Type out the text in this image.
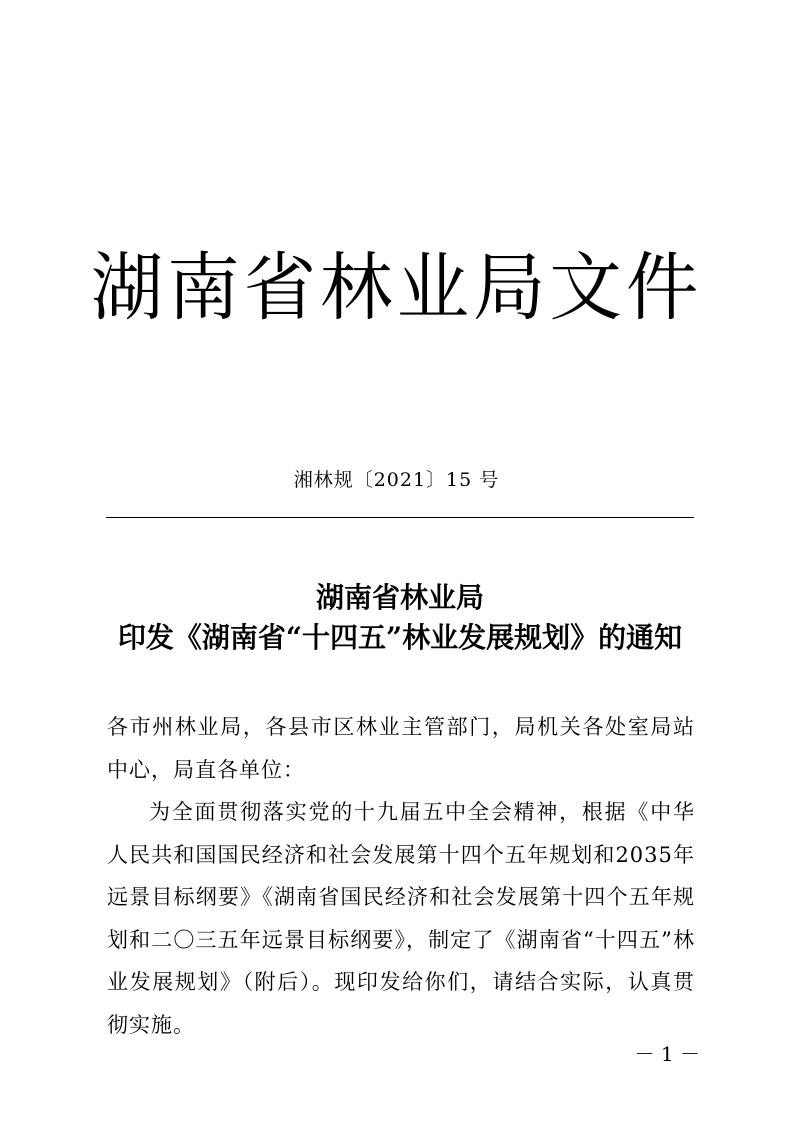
湖南省林业局文件
湘林规〔2021〕15 号
湖南省林业局
印发《湖南省“十四五”林业发展规划》的通知

各市州林业局，各县市区林业主管部门，局机关各处室局站中心，局直各单位：

为全面贯彻落实党的十九届五中全会精神，根据《中华人民共和国国民经济和社会发展第十四个五年规划和2035年远景目标纲要》《湖南省国民经济和社会发展第十四个五年规划和二〇三五年远景目标纲要》，制定了《湖南省“十四五”林业发展规划》（附后）。现印发给你们，请结合实际，认真贯彻实施。

－ 1 －
